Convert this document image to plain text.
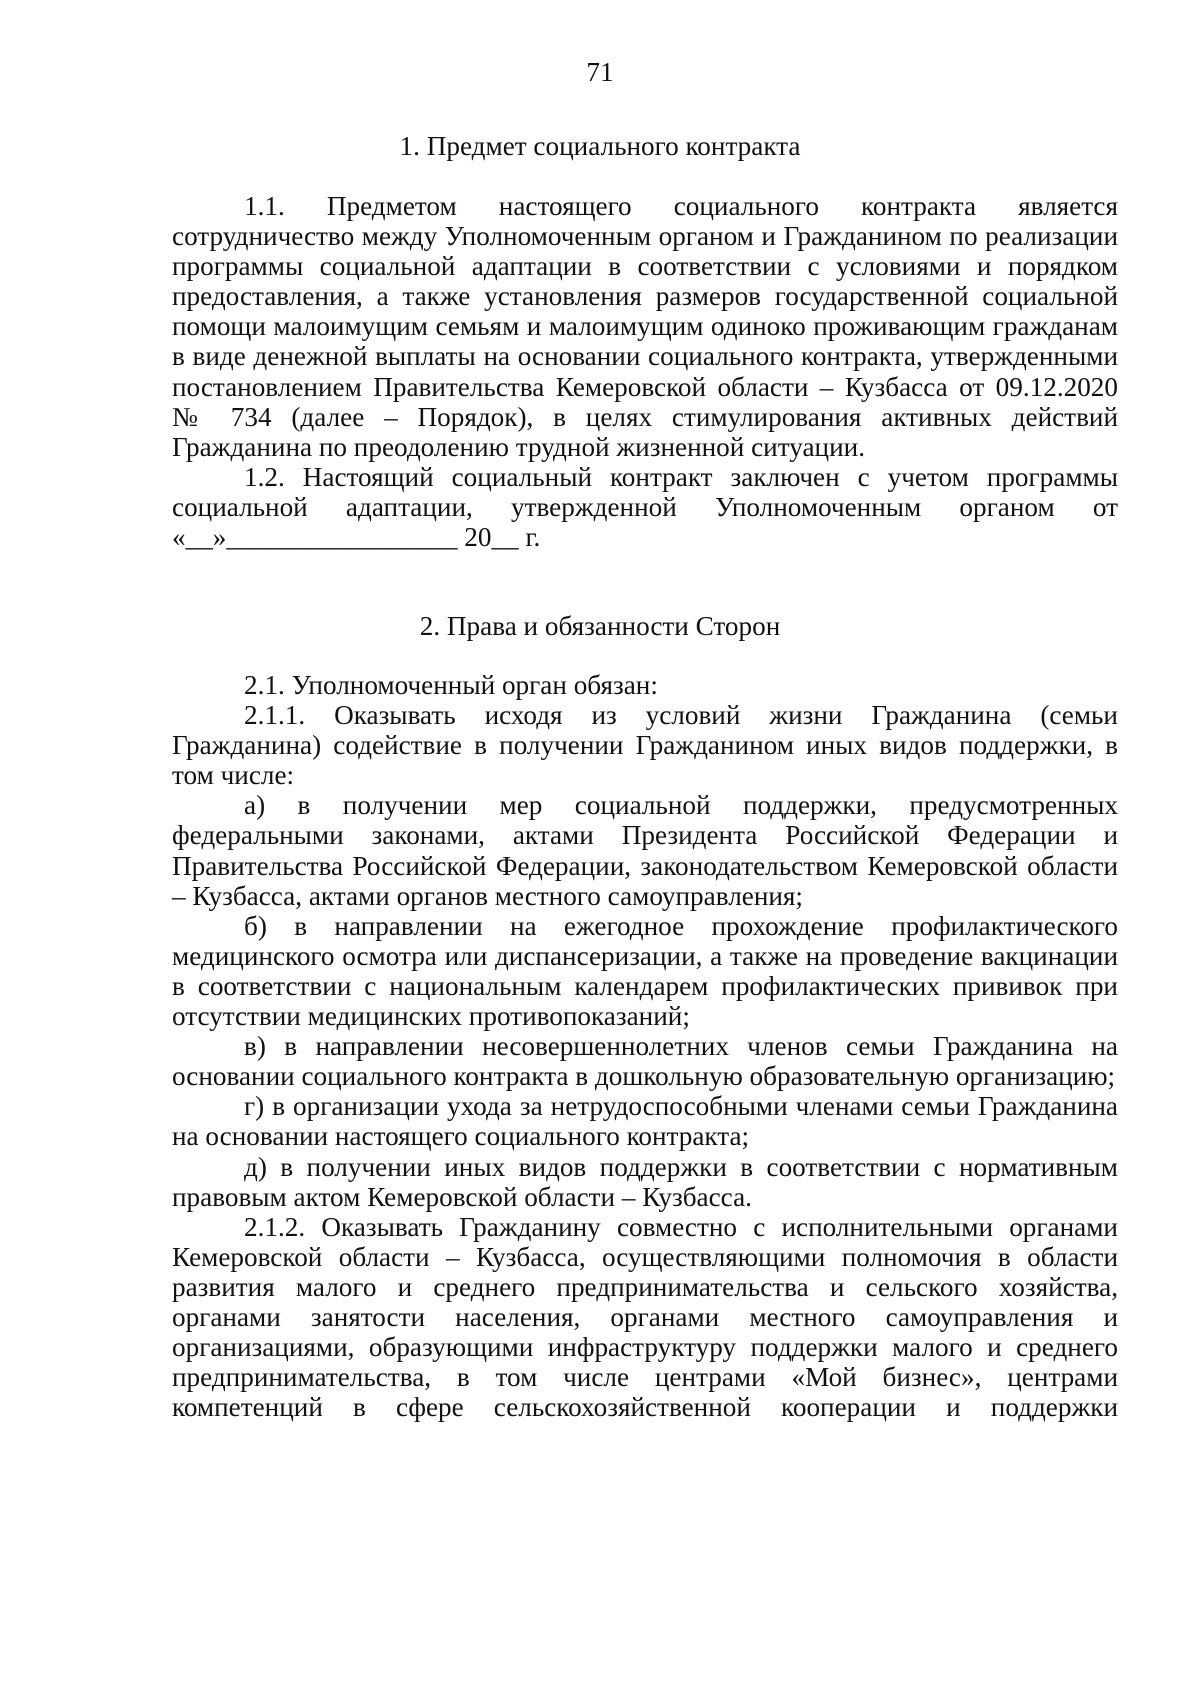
71
1. Предмет социального контракта

1.1. Предметом настоящего социального контракта является сотрудничество между Уполномоченным органом и Гражданином по реализации программы социальной адаптации в соответствии с условиями и порядком предоставления, а также установления размеров государственной социальной помощи малоимущим семьям и малоимущим одиноко проживающим гражданам в виде денежной выплаты на основании социального контракта, утвержденными постановлением Правительства Кемеровской области – Кузбасса от 09.12.2020 № 734 (далее – Порядок), в целях стимулирования активных действий Гражданина по преодолению трудной жизненной ситуации.

1.2. Настоящий социальный контракт заключен с учетом программы социальной адаптации, утвержденной Уполномоченным органом от «__»_________________ 20__ г.

2. Права и обязанности Сторон

2.1. Уполномоченный орган обязан:

2.1.1. Оказывать исходя из условий жизни Гражданина (семьи Гражданина) содействие в получении Гражданином иных видов поддержки, в том числе:

а) в получении мер социальной поддержки, предусмотренных федеральными законами, актами Президента Российской Федерации и Правительства Российской Федерации, законодательством Кемеровской области – Кузбасса, актами органов местного самоуправления;

б) в направлении на ежегодное прохождение профилактического медицинского осмотра или диспансеризации, а также на проведение вакцинации в соответствии с национальным календарем профилактических прививок при отсутствии медицинских противопоказаний;

в) в направлении несовершеннолетних членов семьи Гражданина на основании социального контракта в дошкольную образовательную организацию;

г) в организации ухода за нетрудоспособными членами семьи Гражданина на основании настоящего социального контракта;

д) в получении иных видов поддержки в соответствии с нормативным правовым актом Кемеровской области – Кузбасса.

2.1.2. Оказывать Гражданину совместно с исполнительными органами Кемеровской области – Кузбасса, осуществляющими полномочия в области развития малого и среднего предпринимательства и сельского хозяйства, органами занятости населения, органами местного самоуправления и организациями, образующими инфраструктуру поддержки малого и среднего предпринимательства, в том числе центрами «Мой бизнес», центрами компетенций в сфере сельскохозяйственной кооперации и поддержки
